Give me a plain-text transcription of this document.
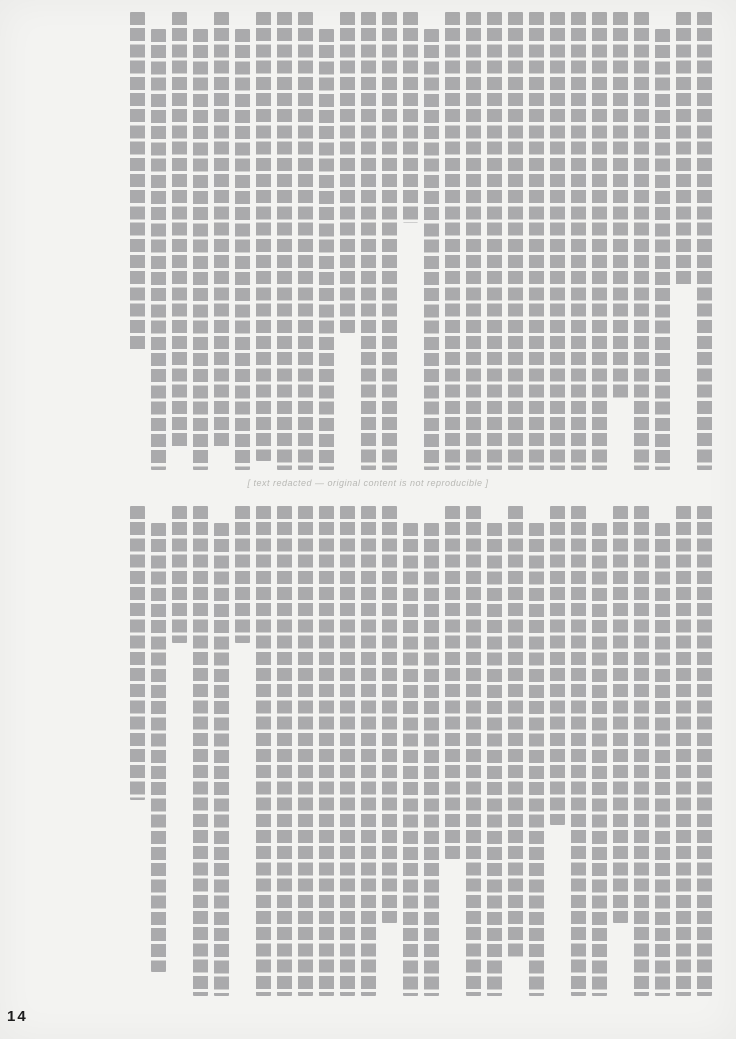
[ text redacted — original content is not reproducible ]
14
